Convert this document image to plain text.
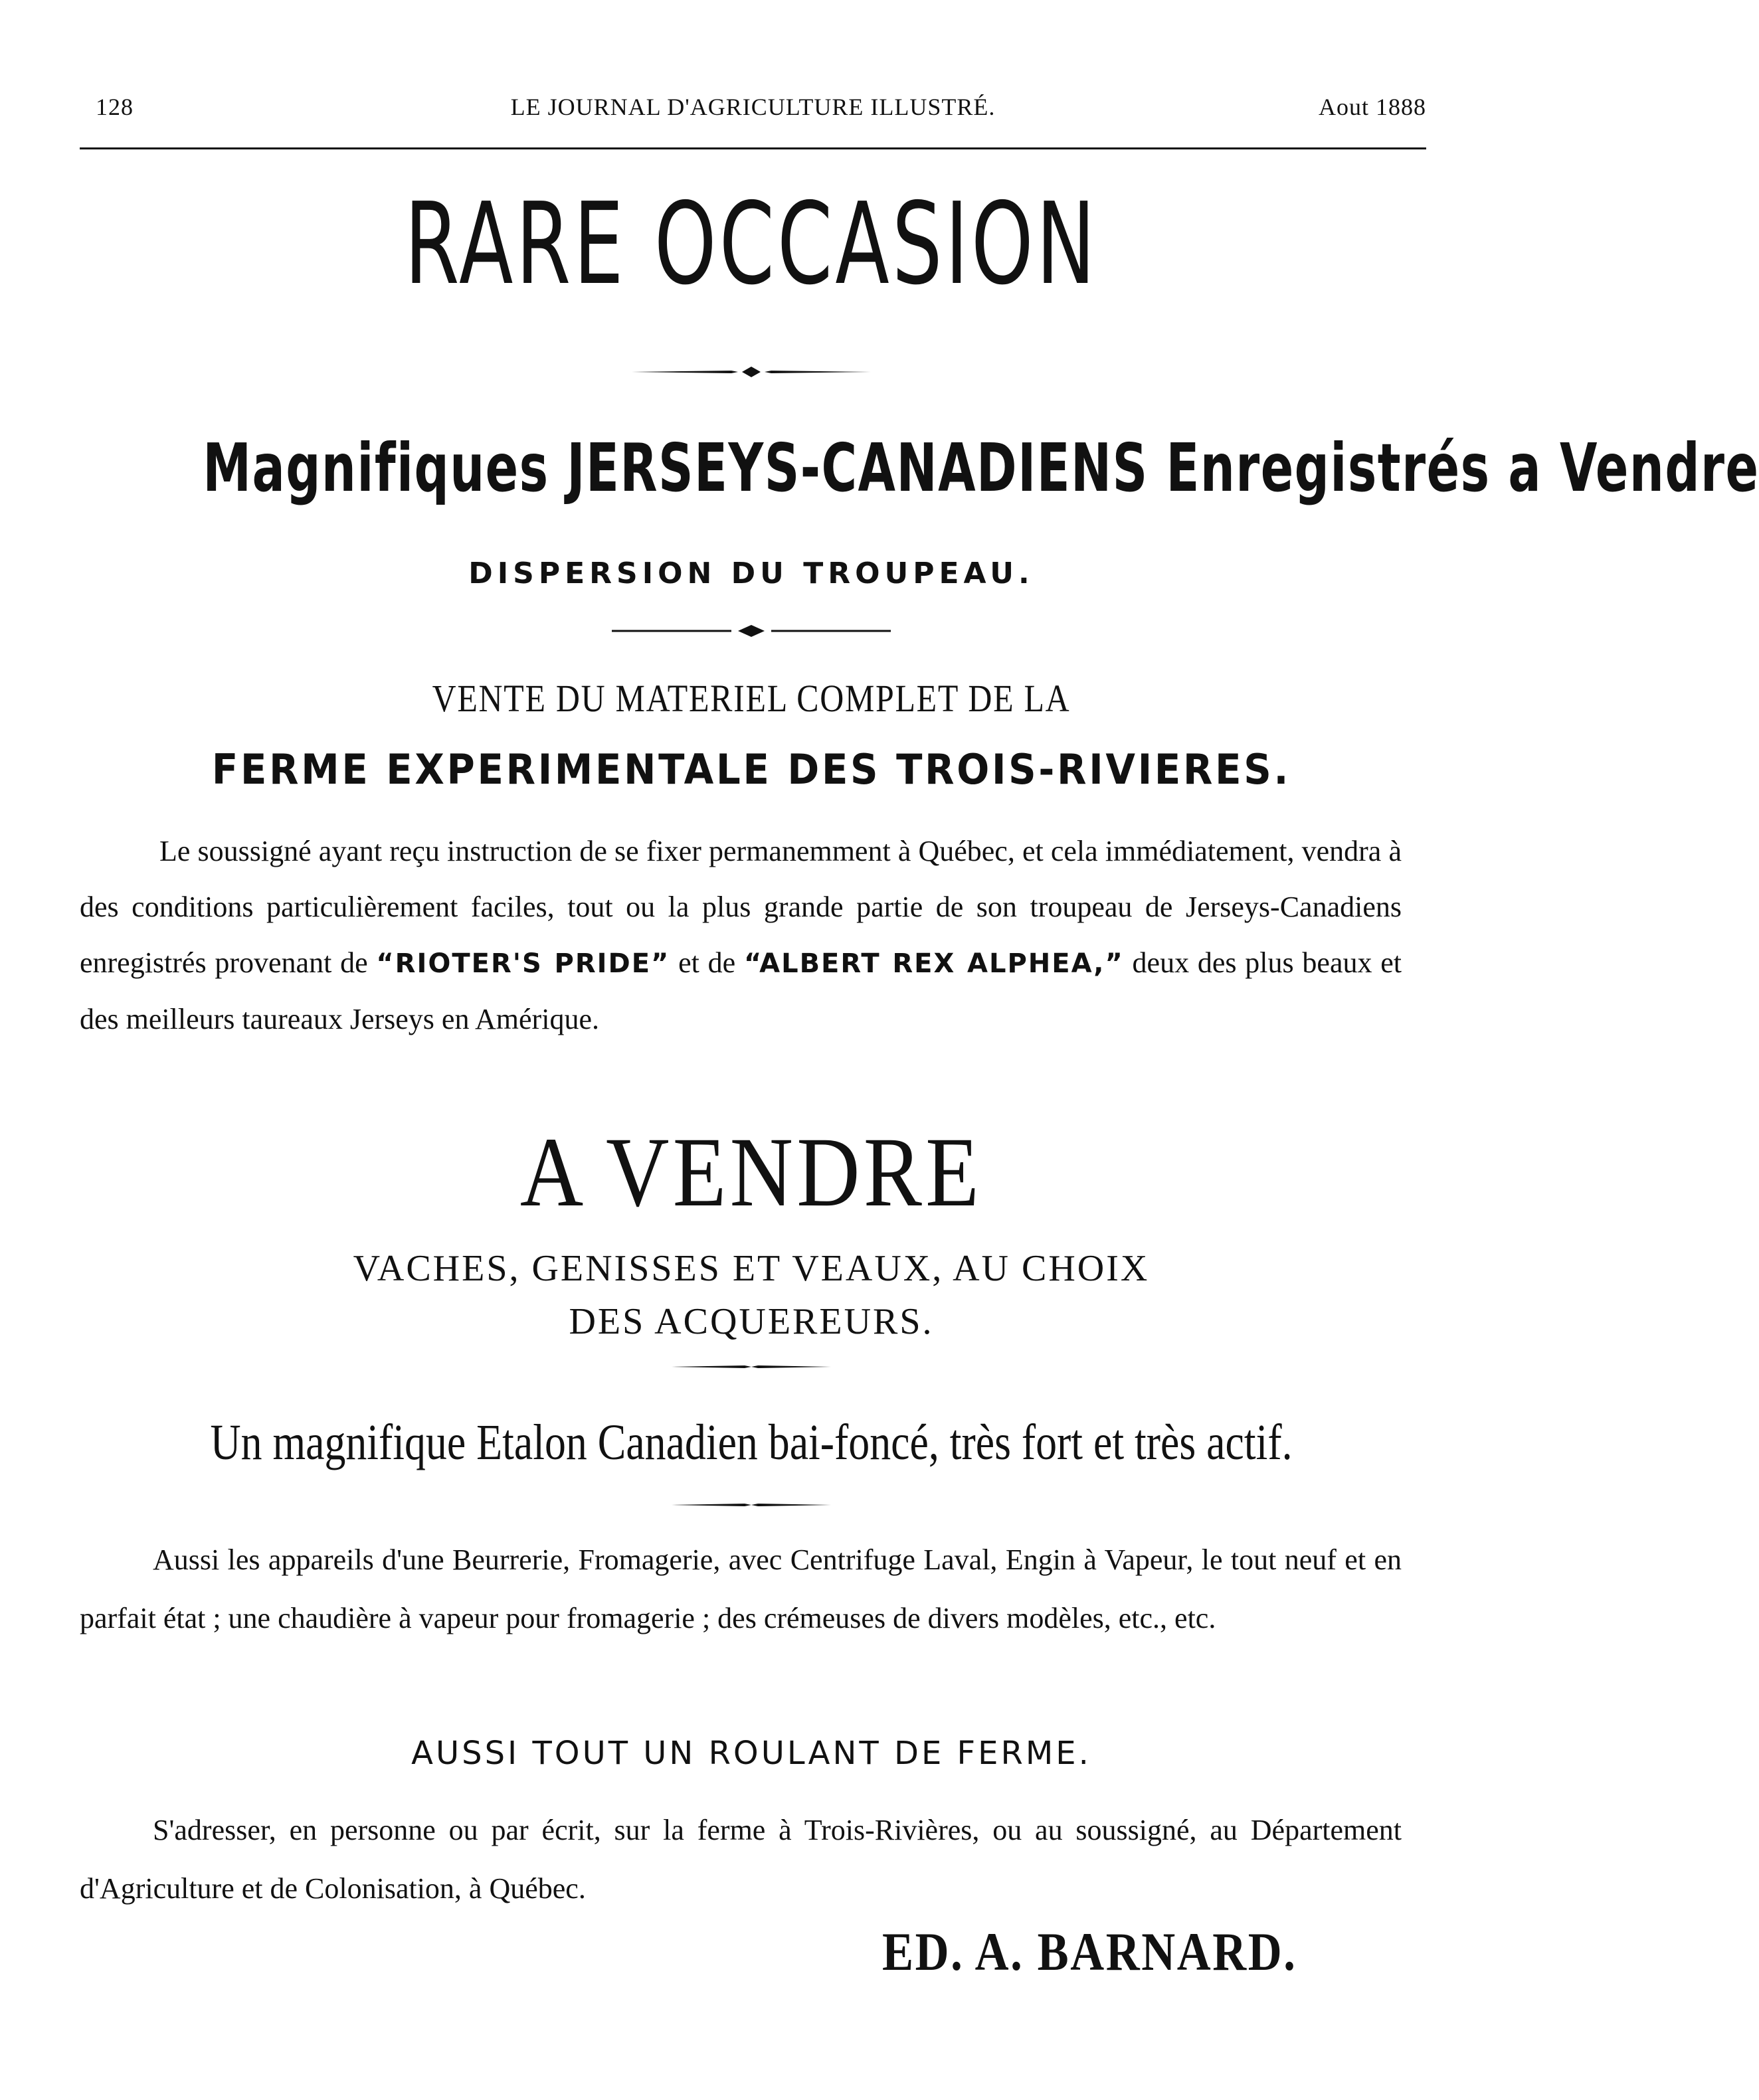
128	LE JOURNAL D'AGRICULTURE ILLUSTRÉ.	Aout 1888
RARE OCCASION
Magnifiques JERSEYS-CANADIENS Enregistrés a Vendre
DISPERSION DU TROUPEAU.
VENTE DU MATERIEL COMPLET DE LA
FERME EXPERIMENTALE DES TROIS-RIVIERES.
Le soussigné ayant reçu instruction de se fixer permanemment à Québec, et cela immédiatement, vendra à des conditions particulièrement faciles, tout ou la plus grande partie de son troupeau de Jerseys-Canadiens enregistrés provenant de “RIOTER'S PRIDE” et de “ALBERT REX ALPHEA,” deux des plus beaux et des meilleurs taureaux Jerseys en Amérique.
A VENDRE
VACHES, GENISSES ET VEAUX, AU CHOIX
DES ACQUEREURS.
Un magnifique Etalon Canadien bai-foncé, très fort et très actif.
Aussi les appareils d'une Beurrerie, Fromagerie, avec Centrifuge Laval, Engin à Vapeur, le tout neuf et en parfait état ; une chaudière à vapeur pour fromagerie ; des crémeuses de divers modèles, etc., etc.
AUSSI TOUT UN ROULANT DE FERME.
S'adresser, en personne ou par écrit, sur la ferme à Trois-Rivières, ou au soussigné, au Département d'Agriculture et de Colonisation, à Québec.
ED. A. BARNARD.
